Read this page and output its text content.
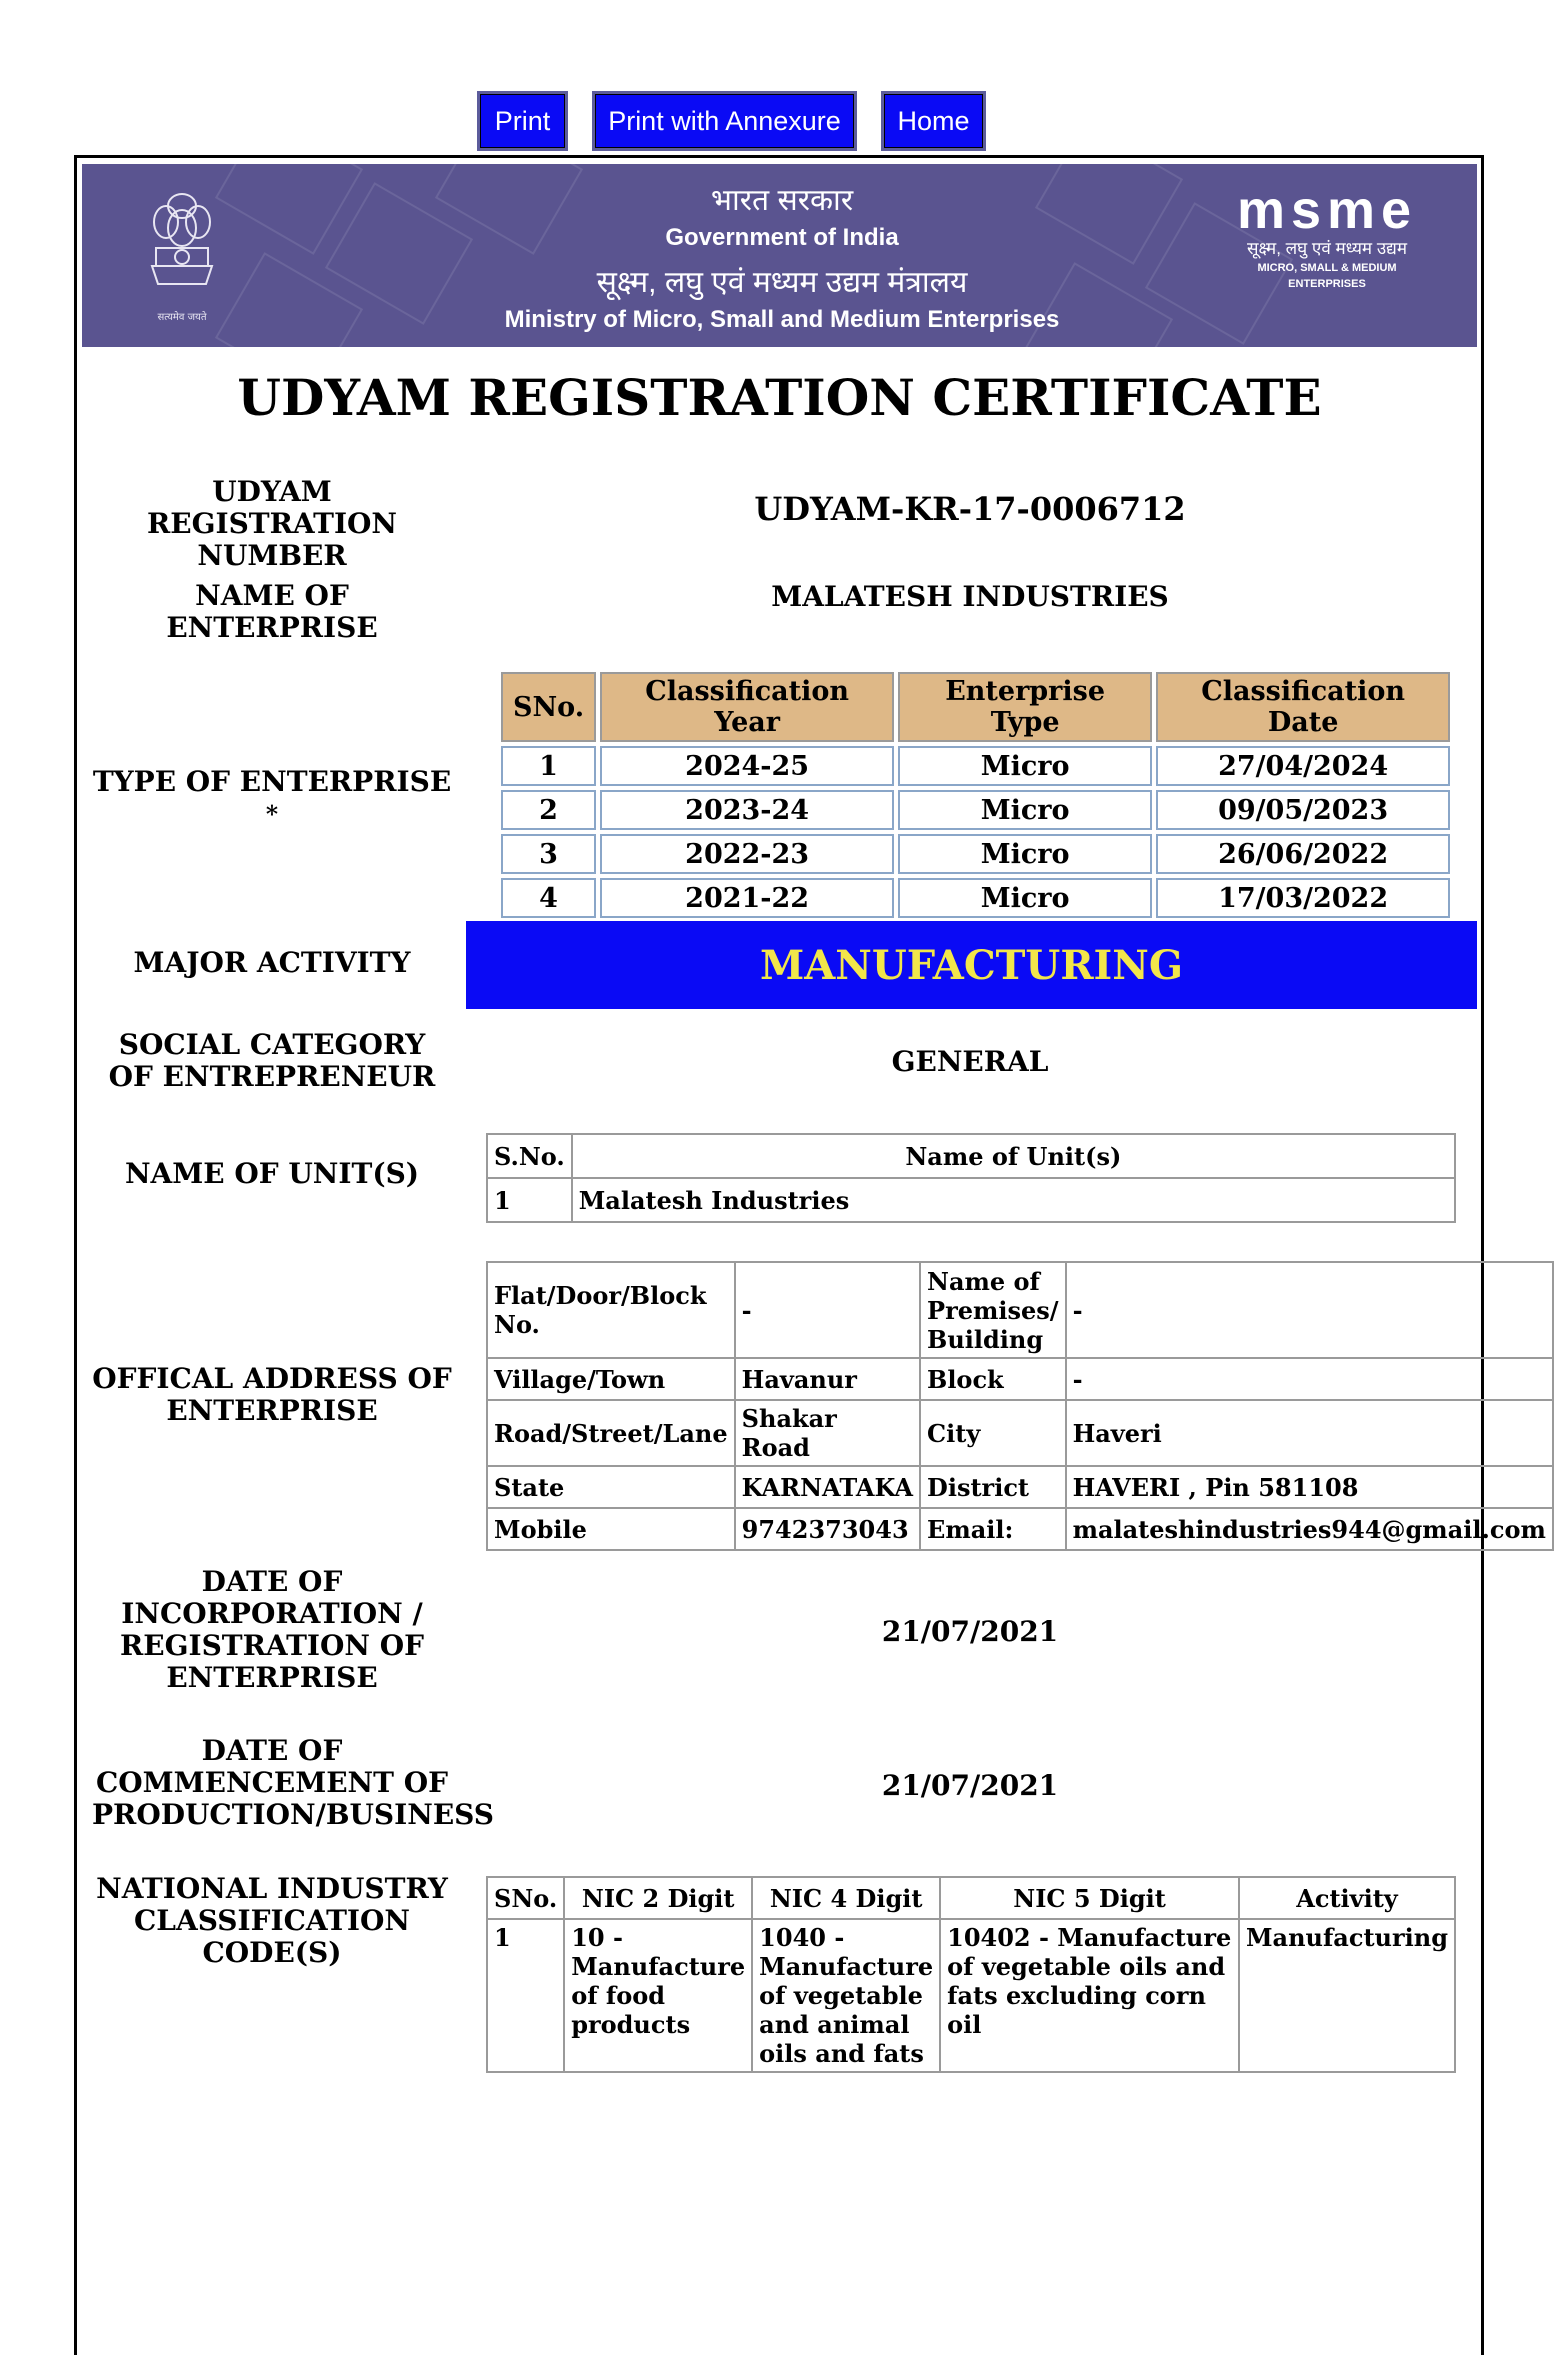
Print	Print with Annexure	Home
सत्यमेव जयते
भारत सरकार
Government of India
सूक्ष्म, लघु एवं मध्यम उद्यम मंत्रालय
Ministry of Micro, Small and Medium Enterprises
msme
सूक्ष्म, लघु एवं मध्यम उद्यम
MICRO, SMALL & MEDIUM ENTERPRISES
UDYAM REGISTRATION CERTIFICATE
UDYAM REGISTRATION NUMBER
UDYAM-KR-17-0006712
NAME OF ENTERPRISE
MALATESH INDUSTRIES
TYPE OF ENTERPRISE *
SNo.	Classification Year	Enterprise Type	Classification Date
1	2024-25	Micro	27/04/2024
2	2023-24	Micro	09/05/2023
3	2022-23	Micro	26/06/2022
4	2021-22	Micro	17/03/2022
MAJOR ACTIVITY	MANUFACTURING
SOCIAL CATEGORY OF ENTREPRENEUR	GENERAL
NAME OF UNIT(S)
S.No.	Name of Unit(s)
1	Malatesh Industries
OFFICAL ADDRESS OF ENTERPRISE
Flat/Door/Block No.	-	Name of Premises/ Building	-
Village/Town	Havanur	Block	-
Road/Street/Lane	Shakar Road	City	Haveri
State	KARNATAKA	District	HAVERI , Pin 581108
Mobile	9742373043	Email:	malateshindustries944@gmail.com
DATE OF INCORPORATION / REGISTRATION OF ENTERPRISE
21/07/2021
DATE OF COMMENCEMENT OF PRODUCTION/BUSINESS
21/07/2021
NATIONAL INDUSTRY CLASSIFICATION CODE(S)
SNo.	NIC 2 Digit	NIC 4 Digit	NIC 5 Digit	Activity
1	10 - Manufacture of food products	1040 - Manufacture of vegetable and animal oils and fats	10402 - Manufacture of vegetable oils and fats excluding corn oil	Manufacturing
